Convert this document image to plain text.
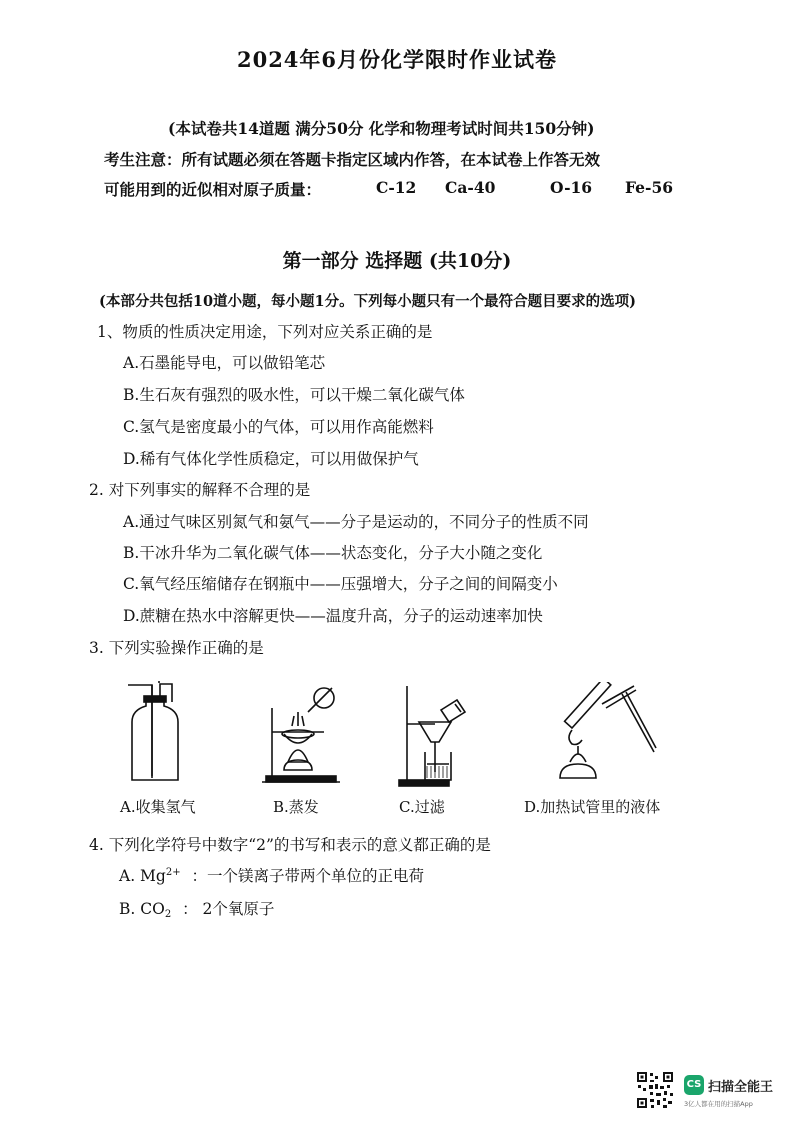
2024年6月份化学限时作业试卷
(本试卷共14道题 满分50分 化学和物理考试时间共150分钟)
考生注意：所有试题必须在答题卡指定区域内作答，在本试卷上作答无效
可能用到的近似相对原子质量：	C-12 Ca-40	O-16 Fe-56
第一部分 选择题 (共10分)
(本部分共包括10道小题，每小题1分。下列每小题只有一个最符合题目要求的选项)
1、物质的性质决定用途，下列对应关系正确的是
A.石墨能导电，可以做铅笔芯
B.生石灰有强烈的吸水性，可以干燥二氧化碳气体
C.氢气是密度最小的气体，可以用作高能燃料
D.稀有气体化学性质稳定，可以用做保护气
2. 对下列事实的解释不合理的是
A.通过气味区别氮气和氨气——分子是运动的，不同分子的性质不同
B.干冰升华为二氧化碳气体——状态变化，分子大小随之变化
C.氧气经压缩储存在钢瓶中——压强增大，分子之间的间隔变小
D.蔗糖在热水中溶解更快——温度升高，分子的运动速率加快
3. 下列实验操作正确的是
A.收集氢气	B.蒸发	C.过滤	D.加热试管里的液体
4. 下列化学符号中数字“2”的书写和表示的意义都正确的是
A. $Mg^{2+}$ ：一个镁离子带两个单位的正电荷
B. $CO_2$ ： 2个氧原子
CS 扫描全能王
3亿人都在用的扫描App
